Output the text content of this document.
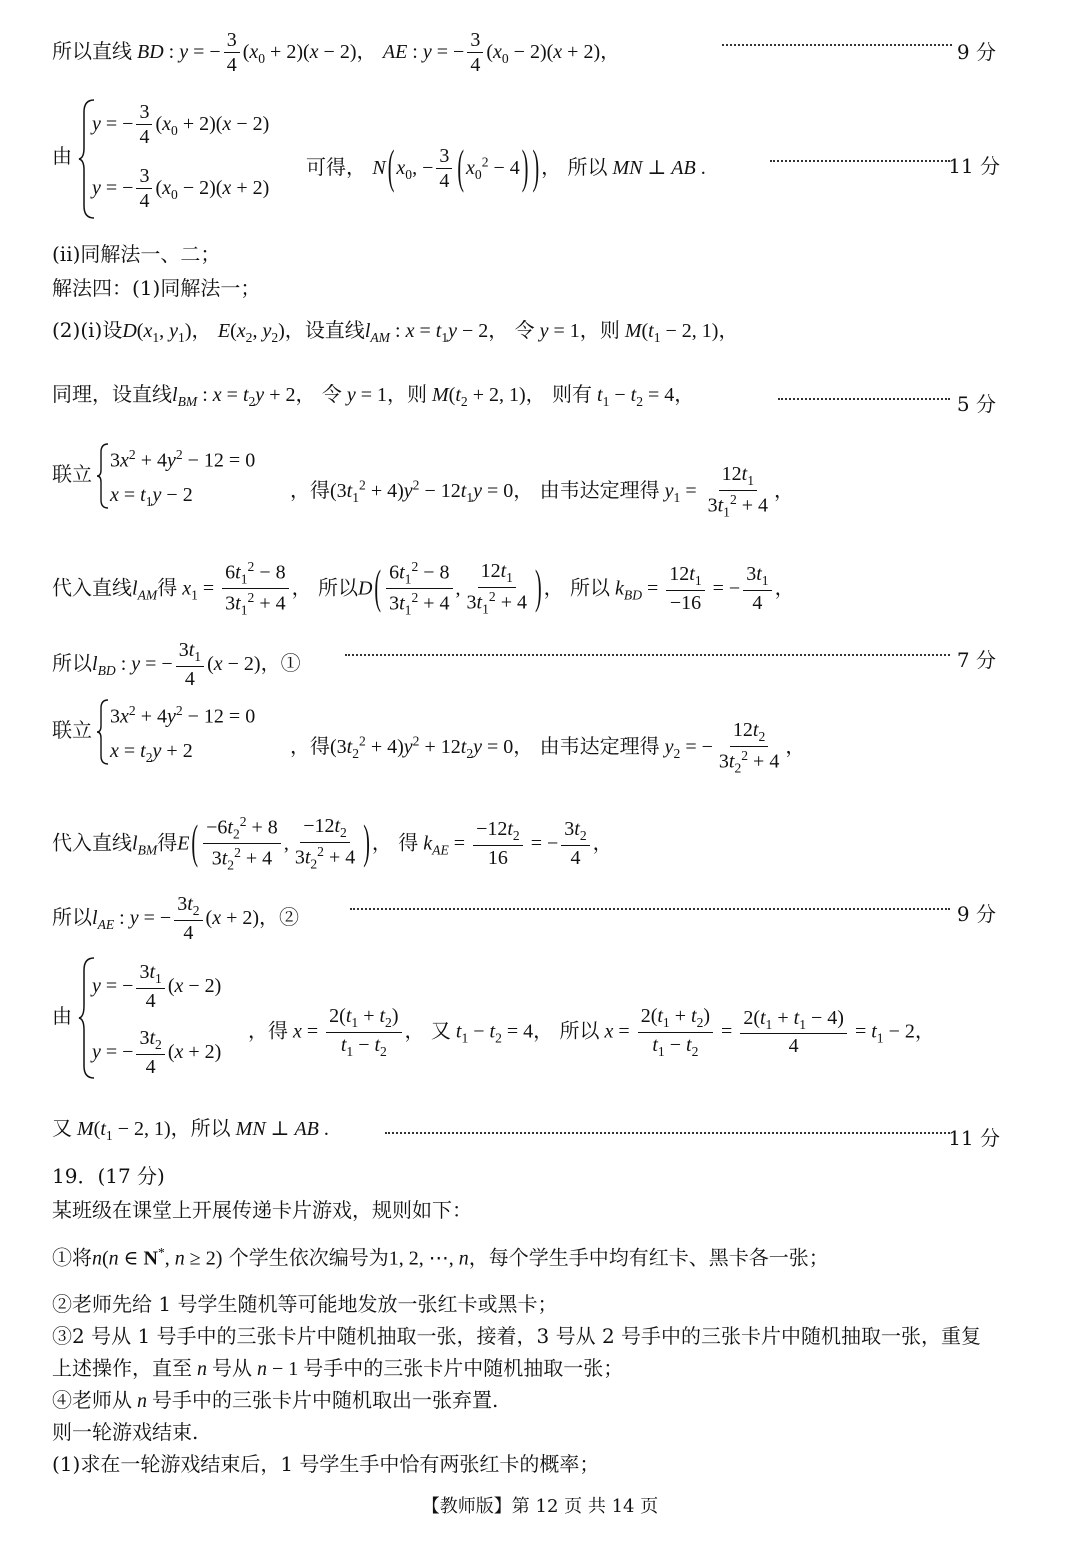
所以直线 BD : y = − $\frac{3}{4} (x_0 + 2)(x - 2)$， AE : y = − $\frac{3}{4} (x_0 - 2)(x + 2)$，	9 分
由
y = − $\frac{3}{4} (x_0 + 2)(x - 2)$
y = − $\frac{3}{4} (x_0 - 2)(x + 2)$
可得， N ( $x_0$, − $\frac{3}{4}$ ( $x_0^2 - 4$ ) ) ， 所以 MN ⊥ AB .	11 分
(ii)同解法一、二；
解法四：(1)同解法一；
(2)(i)设$D(x_1$, $y_1$)， $E(x_2$, $y_2$)，设直线$l_{AM}$ : $x = t_1y - 2$， 令 y = 1，则 $M(t_1 - 2$, 1)，
同理，设直线$l_{BM}$ : $x = t_2y + 2$， 令 y = 1，则 $M(t_2 + 2$, 1)， 则有 $t_1 - t_2 = 4$，	5 分
联立
$3x^2 + 4y^2 - 12 = 0$
$x = t_1y - 2$	，得$(3t_1^2 + 4)y^2 - 12t_1y = 0$， 由韦达定理得 $y_1 = \frac{12t_1}{3t_1^2 + 4}$ ，
代入直线$l_{AM}$得 $x_1 = \frac{6t_1^2 - 8}{3t_1^2 + 4}$ ， 所以D ( $\frac{6t_1^2 - 8}{3t_1^2 + 4}$ , $\frac{12t_1}{3t_1^2 + 4}$ ) ， 所以 $k_{BD} = \frac{12t_1}{-16}$ = − $\frac{3t_1}{4}$ ，
所以$l_{BD}$ : y = − $\frac{3t_1}{4} (x - 2)$，①	7 分
联立
$3x^2 + 4y^2 - 12 = 0$
$x = t_2y + 2$	，得$(3t_2^2 + 4)y^2 + 12t_2y = 0$， 由韦达定理得 $y_2$ = − $\frac{12t_2}{3t_2^2 + 4}$ ，
代入直线$l_{BM}$得E ( $\frac{-6t_2^2 + 8}{3t_2^2 + 4}$ , $\frac{-12t_2}{3t_2^2 + 4}$ ) ， 得 $k_{AE} = \frac{-12t_2}{16}$ = − $\frac{3t_2}{4}$ ，
所以$l_{AE}$ : y = − $\frac{3t_2}{4} (x + 2)$，②	9 分
由
y = − $\frac{3t_1}{4} (x - 2)$
y = − $\frac{3t_2}{4} (x + 2)$
，得 $x = \frac{2(t_1 + t_2)}{t_1 - t_2}$ ， 又 $t_1 - t_2 = 4$， 所以 $x = \frac{2(t_1 + t_2)}{t_1 - t_2} = \frac{2(t_1 + t_1 - 4)}{4} = t_1 - 2$，
又 $M(t_1 - 2$, 1)，所以 MN ⊥ AB .	11 分
19．(17 分)
某班级在课堂上开展传递卡片游戏，规则如下：
①将n(n ∈ N*, n ≥ 2) 个学生依次编号为1, 2, ⋯, n，每个学生手中均有红卡、黑卡各一张；
②老师先给 1 号学生随机等可能地发放一张红卡或黑卡；
③2 号从 1 号手中的三张卡片中随机抽取一张，接着，3 号从 2 号手中的三张卡片中随机抽取一张，重复
上述操作，直至 n 号从 n − 1 号手中的三张卡片中随机抽取一张；
④老师从 n 号手中的三张卡片中随机取出一张弃置.
则一轮游戏结束.
(1)求在一轮游戏结束后，1 号学生手中恰有两张红卡的概率；
【教师版】第 12 页 共 14 页
